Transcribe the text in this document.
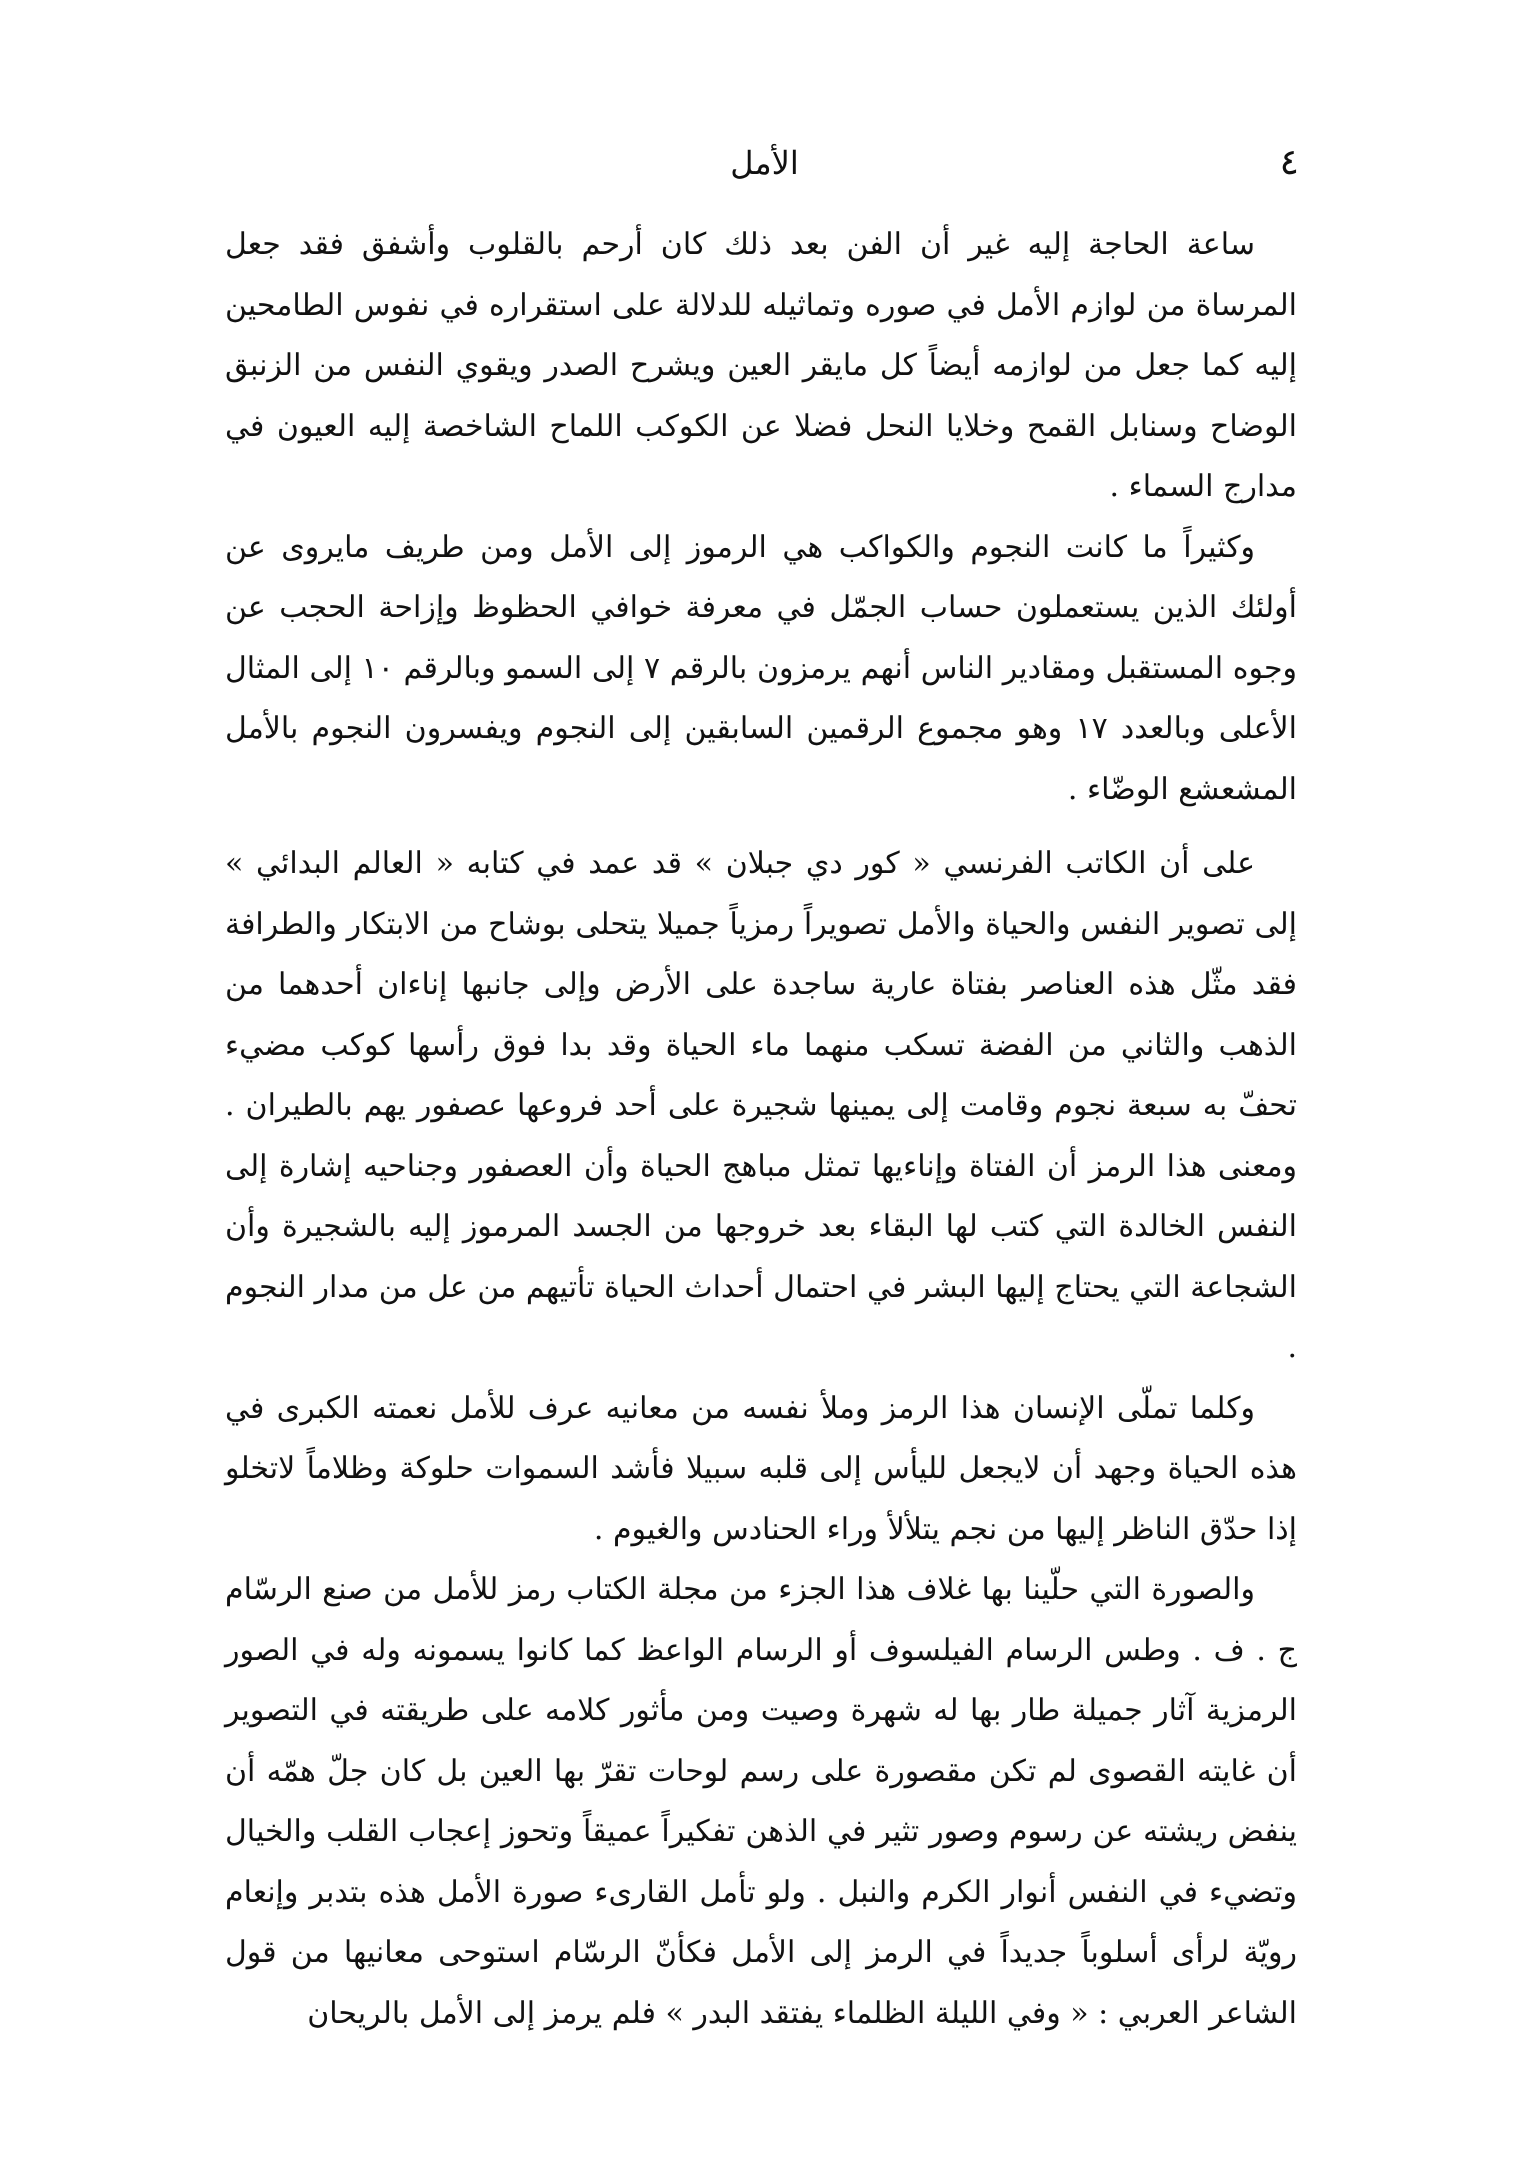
٤
الأمل

ساعة الحاجة إليه غير أن الفن بعد ذلك كان أرحم بالقلوب وأشفق فقد جعل المرساة من لوازم الأمل في صوره وتماثيله للدلالة على استقراره في نفوس الطامحين إليه كما جعل من لوازمه أيضاً كل مايقر العين ويشرح الصدر ويقوي النفس من الزنبق الوضاح وسنابل القمح وخلايا النحل فضلا عن الكوكب اللماح الشاخصة إليه العيون في مدارج السماء .

وكثيراً ما كانت النجوم والكواكب هي الرموز إلى الأمل ومن طريف مايروى عن أولئك الذين يستعملون حساب الجمّل في معرفة خوافي الحظوظ وإزاحة الحجب عن وجوه المستقبل ومقادير الناس أنهم يرمزون بالرقم ٧ إلى السمو وبالرقم ١٠ إلى المثال الأعلى وبالعدد ١٧ وهو مجموع الرقمين السابقين إلى النجوم ويفسرون النجوم بالأمل المشعشع الوضّاء .

على أن الكاتب الفرنسي « كور دي جبلان » قد عمد في كتابه « العالم البدائي » إلى تصوير النفس والحياة والأمل تصويراً رمزياً جميلا يتحلى بوشاح من الابتكار والطرافة فقد مثّل هذه العناصر بفتاة عارية ساجدة على الأرض وإلى جانبها إناءان أحدهما من الذهب والثاني من الفضة تسكب منهما ماء الحياة وقد بدا فوق رأسها كوكب مضيء تحفّ به سبعة نجوم وقامت إلى يمينها شجيرة على أحد فروعها عصفور يهم بالطيران . ومعنى هذا الرمز أن الفتاة وإناءيها تمثل مباهج الحياة وأن العصفور وجناحيه إشارة إلى النفس الخالدة التي كتب لها البقاء بعد خروجها من الجسد المرموز إليه بالشجيرة وأن الشجاعة التي يحتاج إليها البشر في احتمال أحداث الحياة تأتيهم من عل من مدار النجوم .

وكلما تملّى الإنسان هذا الرمز وملأ نفسه من معانيه عرف للأمل نعمته الكبرى في هذه الحياة وجهد أن لايجعل لليأس إلى قلبه سبيلا فأشد السموات حلوكة وظلاماً لاتخلو إذا حدّق الناظر إليها من نجم يتلألأ وراء الحنادس والغيوم .

والصورة التي حلّينا بها غلاف هذا الجزء من مجلة الكتاب رمز للأمل من صنع الرسّام ج . ف . وطس الرسام الفيلسوف أو الرسام الواعظ كما كانوا يسمونه وله في الصور الرمزية آثار جميلة طار بها له شهرة وصيت ومن مأثور كلامه على طريقته في التصوير أن غايته القصوى لم تكن مقصورة على رسم لوحات تقرّ بها العين بل كان جلّ همّه أن ينفض ريشته عن رسوم وصور تثير في الذهن تفكيراً عميقاً وتحوز إعجاب القلب والخيال وتضيء في النفس أنوار الكرم والنبل . ولو تأمل القارىء صورة الأمل هذه بتدبر وإنعام رويّة لرأى أسلوباً جديداً في الرمز إلى الأمل فكأنّ الرسّام استوحى معانيها من قول الشاعر العربي : « وفي الليلة الظلماء يفتقد البدر » فلم يرمز إلى الأمل بالريحان
